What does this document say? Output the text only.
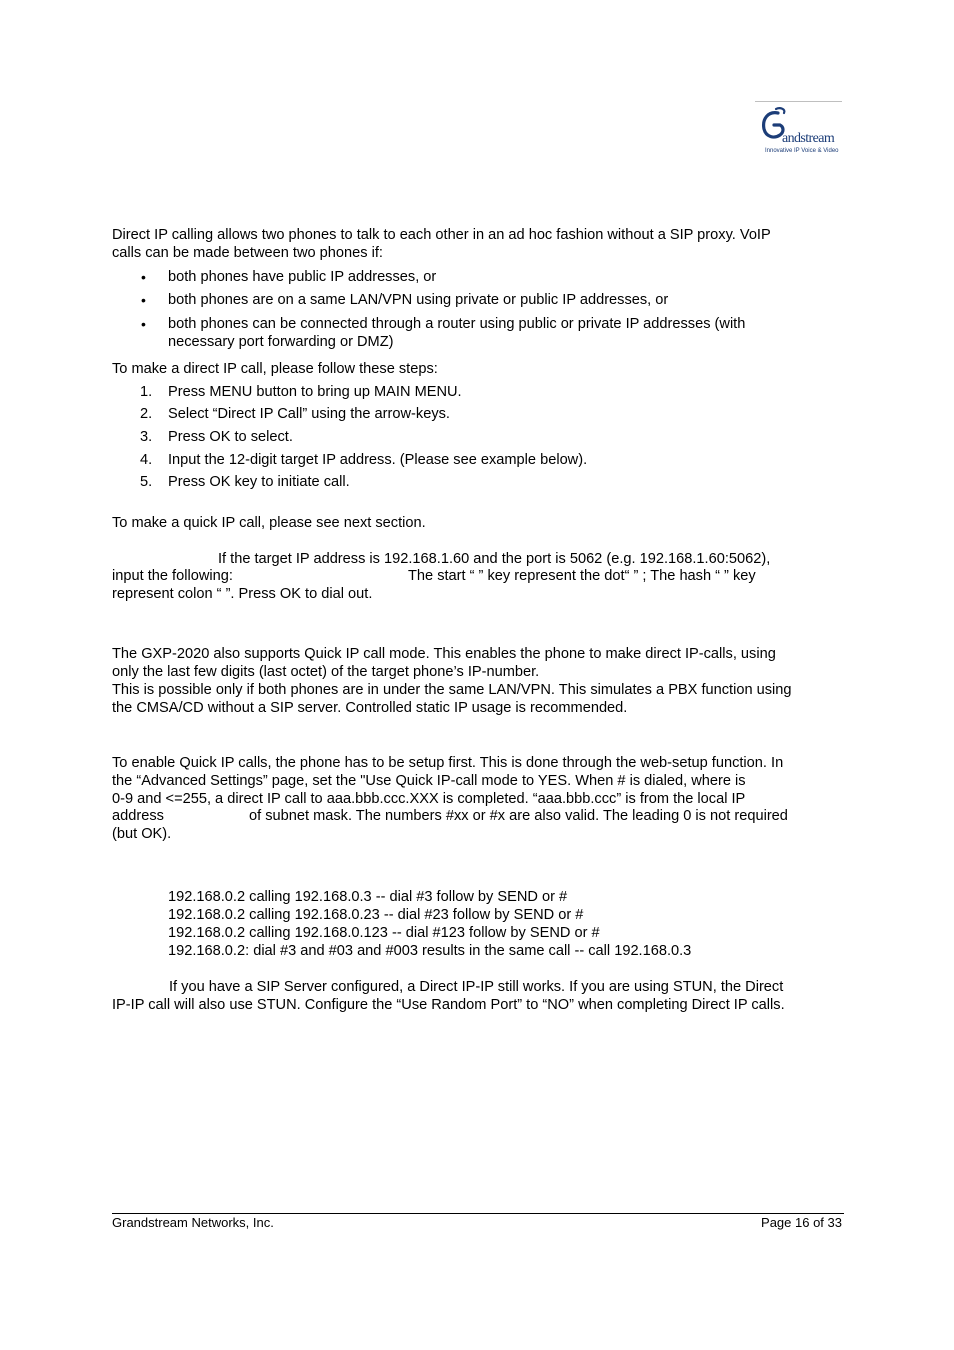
andstream
Innovative IP Voice & Video
Direct IP calling allows two phones to talk to each other in an ad hoc fashion without a SIP proxy. VoIP
calls can be made between two phones if:
• both phones have public IP addresses, or
• both phones are on a same LAN/VPN using private or public IP addresses, or
• both phones can be connected through a router using public or private IP addresses (with
necessary port forwarding or DMZ)
To make a direct IP call, please follow these steps:
1. Press MENU button to bring up MAIN MENU.
2. Select “Direct IP Call” using the arrow-keys.
3. Press OK to select.
4. Input the 12-digit target IP address. (Please see example below).
5. Press OK key to initiate call.
To make a quick IP call, please see next section.
If the target IP address is 192.168.1.60 and the port is 5062 (e.g. 192.168.1.60:5062),
input the following:	The start “ ” key represent the dot“ ” ; The hash “ ” key
represent colon “ ”. Press OK to dial out.
The GXP-2020 also supports Quick IP call mode. This enables the phone to make direct IP-calls, using
only the last few digits (last octet) of the target phone’s IP-number.
This is possible only if both phones are in under the same LAN/VPN. This simulates a PBX function using
the CMSA/CD without a SIP server. Controlled static IP usage is recommended.
To enable Quick IP calls, the phone has to be setup first. This is done through the web-setup function. In
the “Advanced Settings” page, set the "Use Quick IP-call mode to YES. When # is dialed, where is
0-9 and <=255, a direct IP call to aaa.bbb.ccc.XXX is completed. “aaa.bbb.ccc” is from the local IP
address	of subnet mask. The numbers #xx or #x are also valid. The leading 0 is not required
(but OK).
192.168.0.2 calling 192.168.0.3 -- dial #3 follow by SEND or #
192.168.0.2 calling 192.168.0.23 -- dial #23 follow by SEND or #
192.168.0.2 calling 192.168.0.123 -- dial #123 follow by SEND or #
192.168.0.2: dial #3 and #03 and #003 results in the same call -- call 192.168.0.3
If you have a SIP Server configured, a Direct IP-IP still works. If you are using STUN, the Direct
IP-IP call will also use STUN. Configure the “Use Random Port” to “NO” when completing Direct IP calls.
Grandstream Networks, Inc.	Page 16 of 33
